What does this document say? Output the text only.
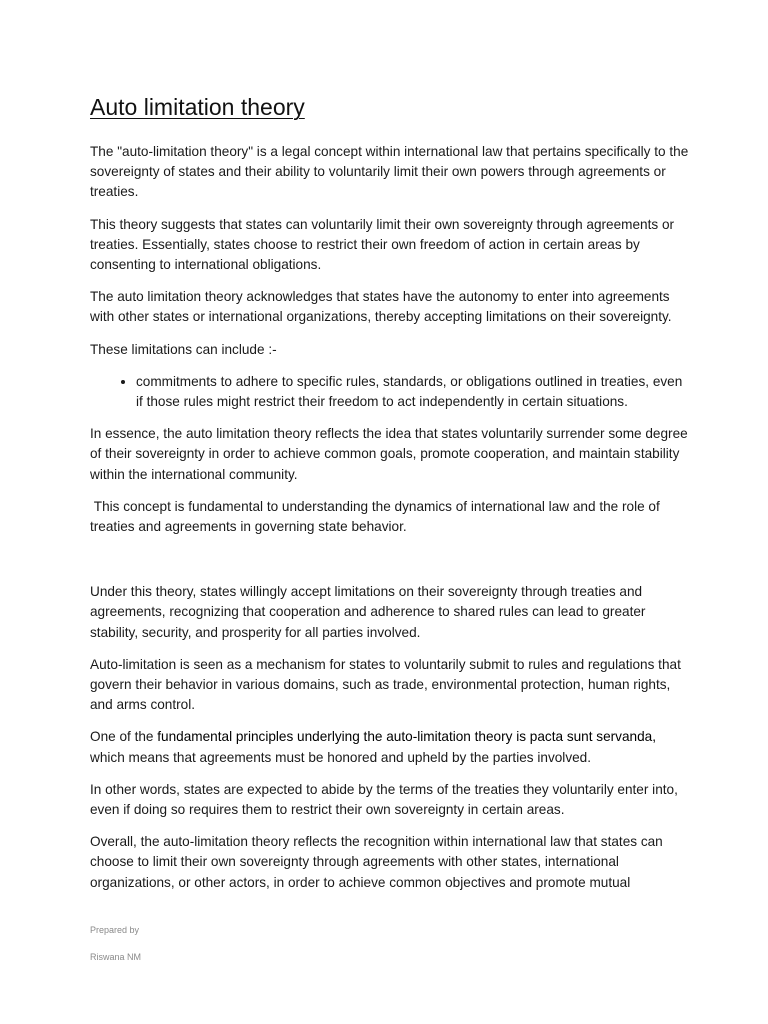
Auto limitation theory

The "auto-limitation theory" is a legal concept within international law that pertains specifically to the sovereignty of states and their ability to voluntarily limit their own powers through agreements or treaties.

This theory suggests that states can voluntarily limit their own sovereignty through agreements or treaties. Essentially, states choose to restrict their own freedom of action in certain areas by consenting to international obligations.

The auto limitation theory acknowledges that states have the autonomy to enter into agreements with other states or international organizations, thereby accepting limitations on their sovereignty.

These limitations can include :-

• commitments to adhere to specific rules, standards, or obligations outlined in treaties, even if those rules might restrict their freedom to act independently in certain situations.

In essence, the auto limitation theory reflects the idea that states voluntarily surrender some degree of their sovereignty in order to achieve common goals, promote cooperation, and maintain stability within the international community.

This concept is fundamental to understanding the dynamics of international law and the role of treaties and agreements in governing state behavior.

Under this theory, states willingly accept limitations on their sovereignty through treaties and agreements, recognizing that cooperation and adherence to shared rules can lead to greater stability, security, and prosperity for all parties involved.

Auto-limitation is seen as a mechanism for states to voluntarily submit to rules and regulations that govern their behavior in various domains, such as trade, environmental protection, human rights, and arms control.

One of the fundamental principles underlying the auto-limitation theory is pacta sunt servanda, which means that agreements must be honored and upheld by the parties involved.

In other words, states are expected to abide by the terms of the treaties they voluntarily enter into, even if doing so requires them to restrict their own sovereignty in certain areas.

Overall, the auto-limitation theory reflects the recognition within international law that states can choose to limit their own sovereignty through agreements with other states, international organizations, or other actors, in order to achieve common objectives and promote mutual

Prepared by
Riswana NM
